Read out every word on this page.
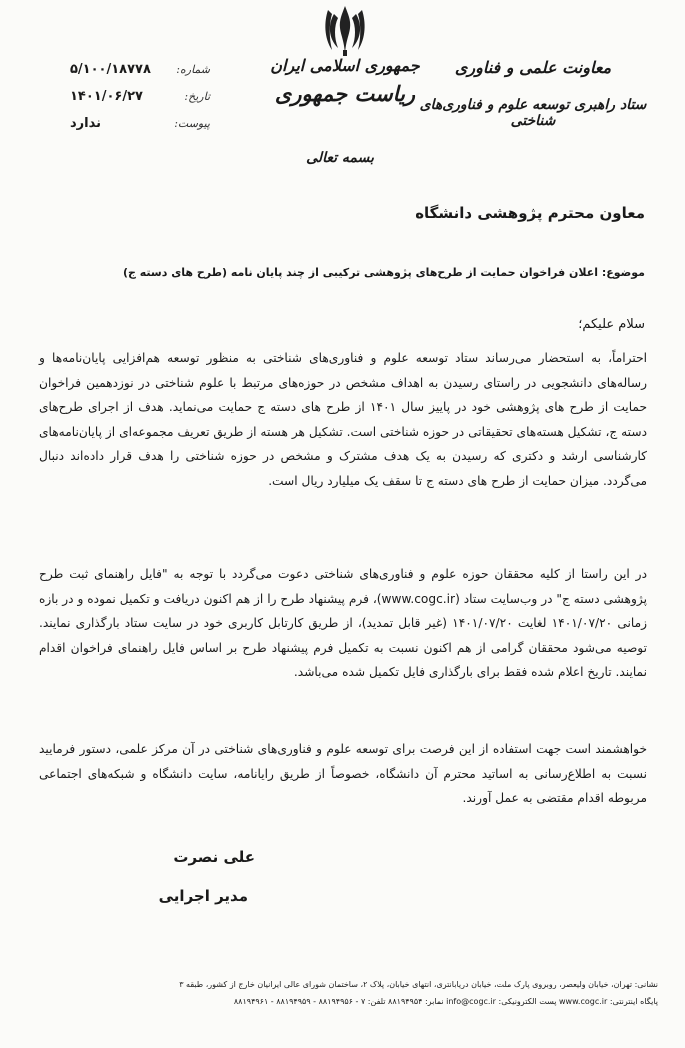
معاونت علمی و فناوری
ستاد راهبری توسعه علوم و فناوری‌های شناختی
جمهوری اسلامی ایران
ریاست جمهوری
بسمه تعالی
شماره:
۵/۱۰۰/۱۸۷۷۸
تاریخ:
۱۴۰۱/۰۶/۲۷
پیوست:
ندارد
معاون محترم پژوهشی دانشگاه
موضوع: اعلان فراخوان حمایت از طرح‌های پژوهشی ترکیبی از چند پایان نامه (طرح های دسته ج)
سلام علیکم؛
احتراماً، به استحضار می‌رساند ستاد توسعه علوم و فناوری‌های شناختی به منظور توسعه هم‌افزایی پایان‌نامه‌ها و رساله‌های دانشجویی در راستای رسیدن به اهداف مشخص در حوزه‌های مرتبط با علوم شناختی در نوزدهمین فراخوان حمایت از طرح های پژوهشی خود در پاییز سال ۱۴۰۱ از طرح های دسته ج حمایت می‌نماید. هدف از اجرای طرح‌های دسته ج، تشکیل هسته‌های تحقیقاتی در حوزه شناختی است. تشکیل هر هسته از طریق تعریف مجموعه‌ای از پایان‌نامه‌های کارشناسی ارشد و دکتری که رسیدن به یک هدف مشترک و مشخص در حوزه شناختی را هدف قرار داده‌اند دنبال می‌گردد. میزان حمایت از طرح های دسته ج تا سقف یک میلیارد ریال است.
در این راستا از کلیه محققان حوزه علوم و فناوری‌های شناختی دعوت می‌گردد با توجه به "فایل راهنمای ثبت طرح پژوهشی دسته ج" در وب‌سایت ستاد (www.cogc.ir)، فرم پیشنهاد طرح را از هم اکنون دریافت و تکمیل نموده و در بازه زمانی ۱۴۰۱/۰۷/۲۰ لغایت ۱۴۰۱/۰۷/۲۰ (غیر قابل تمدید)، از طریق کارتابل کاربری خود در سایت ستاد بارگذاری نمایند. توصیه می‌شود محققان گرامی از هم اکنون نسبت به تکمیل فرم پیشنهاد طرح بر اساس فایل راهنمای فراخوان اقدام نمایند. تاریخ اعلام شده فقط برای بارگذاری فایل تکمیل شده می‌باشد.
خواهشمند است جهت استفاده از این فرصت برای توسعه علوم و فناوری‌های شناختی در آن مرکز علمی، دستور فرمایید نسبت به اطلاع‌رسانی به اساتید محترم آن دانشگاه، خصوصاً از طریق رایانامه، سایت دانشگاه و شبکه‌های اجتماعی مربوطه اقدام مقتضی به عمل آورند.
علی نصرت
مدیر اجرایی
نشانی: تهران، خیابان ولیعصر، روبروی پارک ملت، خیابان دریابانتری، انتهای خیابان، پلاک ۲، ساختمان شورای عالی ایرانیان خارج از کشور، طبقه ۳
پایگاه اینترنتی: www.cogc.ir پست الکترونیکی: info@cogc.ir نمابر: ۸۸۱۹۴۹۵۴ تلفن: ۷ - ۸۸۱۹۴۹۵۶ - ۸۸۱۹۴۹۵۹ - ۸۸۱۹۴۹۶۱
